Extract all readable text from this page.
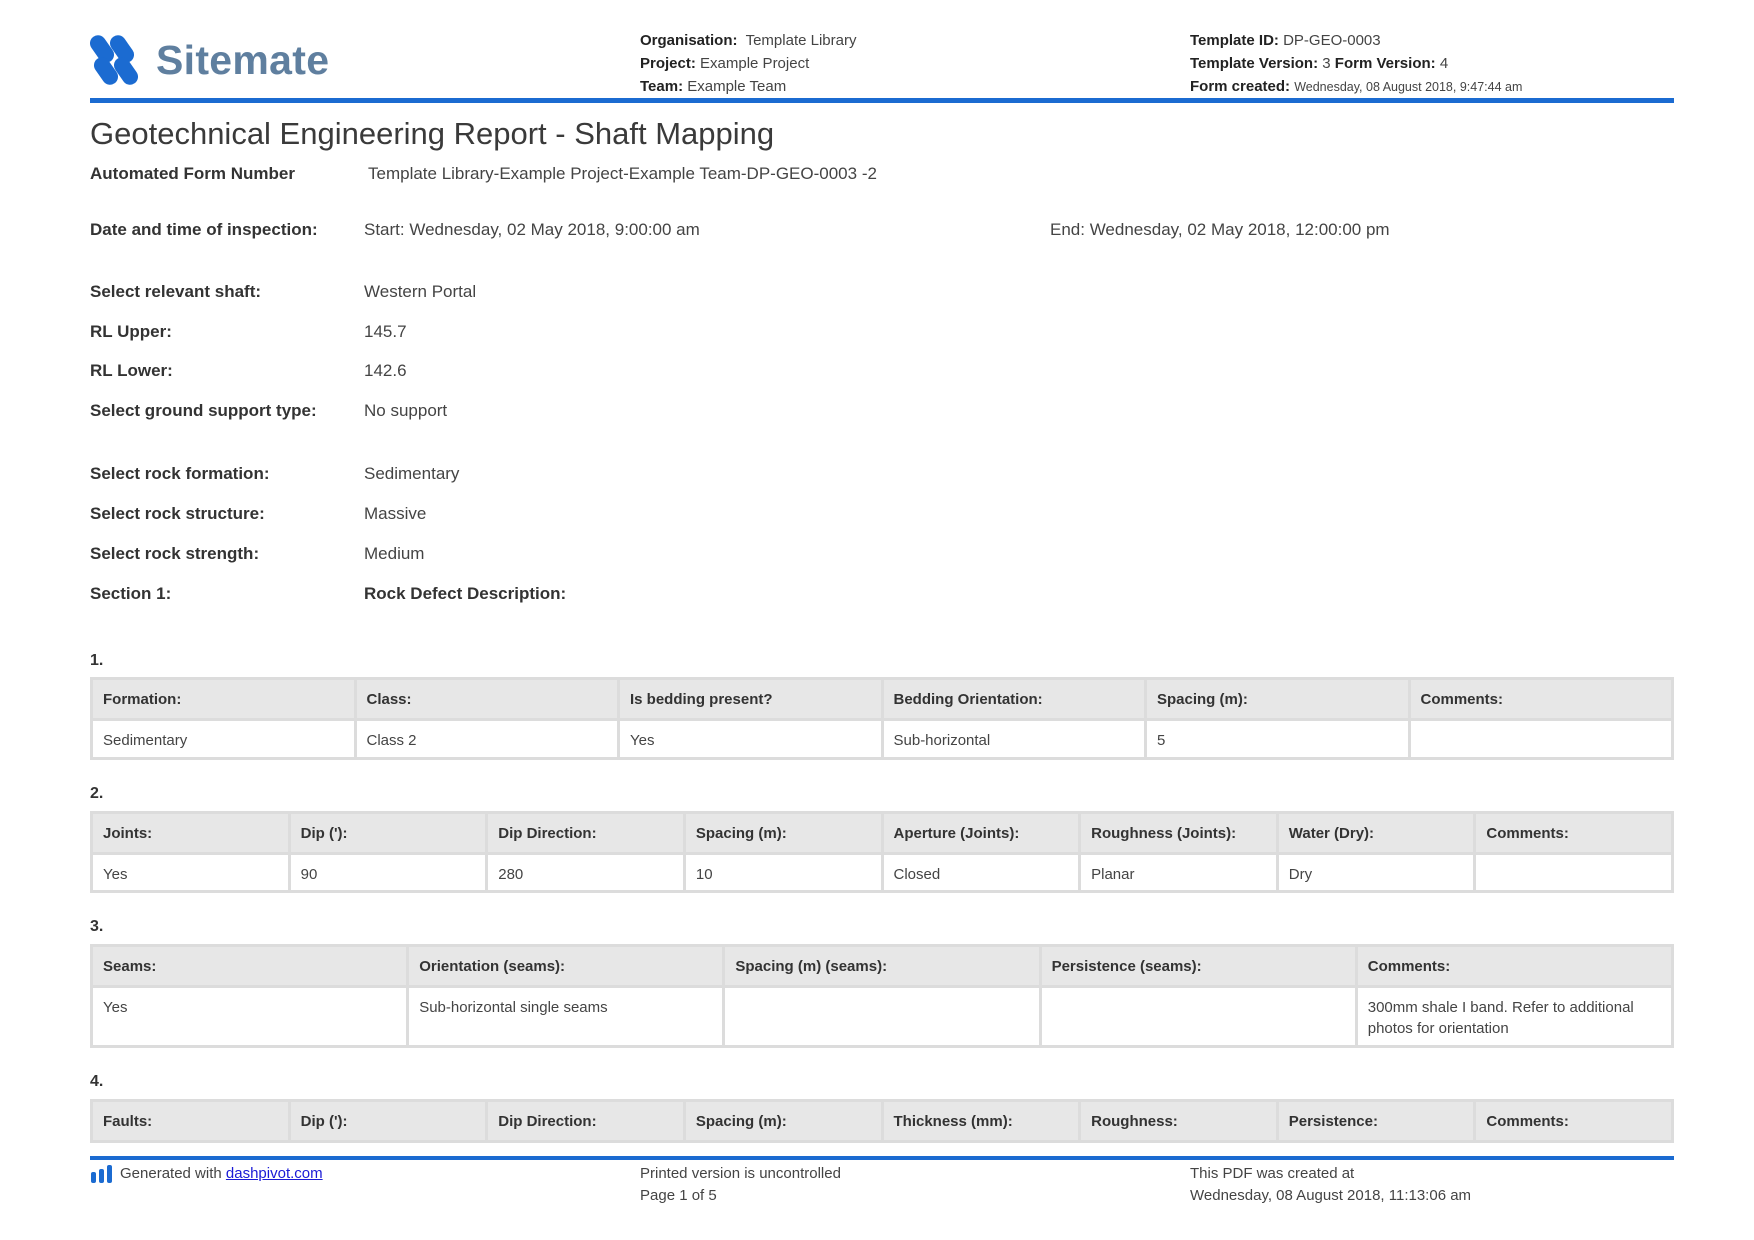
Sitemate	Organisation: Template Library
Project: Example Project
Team: Example Team
Template ID: DP-GEO-0003
Template Version: 3 Form Version: 4
Form created: Wednesday, 08 August 2018, 9:47:44 am
Geotechnical Engineering Report - Shaft Mapping
Automated Form Number	Template Library-Example Project-Example Team-DP-GEO-0003 -2
Date and time of inspection:	Start: Wednesday, 02 May 2018, 9:00:00 am	End: Wednesday, 02 May 2018, 12:00:00 pm
Select relevant shaft:	Western Portal
RL Upper:	145.7
RL Lower:	142.6
Select ground support type:	No support
Select rock formation:	Sedimentary
Select rock structure:	Massive
Select rock strength:	Medium
Section 1:	Rock Defect Description:
1.
Formation:	Class:	Is bedding present?	Bedding Orientation:	Spacing (m):	Comments:
Sedimentary	Class 2	Yes	Sub-horizontal	5	
2.
Joints:	Dip ('):	Dip Direction:	Spacing (m):	Aperture (Joints):	Roughness (Joints):	Water (Dry):	Comments:
Yes	90	280	10	Closed	Planar	Dry	
3.
Seams:	Orientation (seams):	Spacing (m) (seams):	Persistence (seams):	Comments:
Yes	Sub-horizontal single seams			300mm shale I band. Refer to additional photos for orientation
4.
Faults:	Dip ('):	Dip Direction:	Spacing (m):	Thickness (mm):	Roughness:	Persistence:	Comments:
Generated with
dashpivot.com	Printed version is uncontrolled
Page 1 of 5
This PDF was created at
Wednesday, 08 August 2018, 11:13:06 am
